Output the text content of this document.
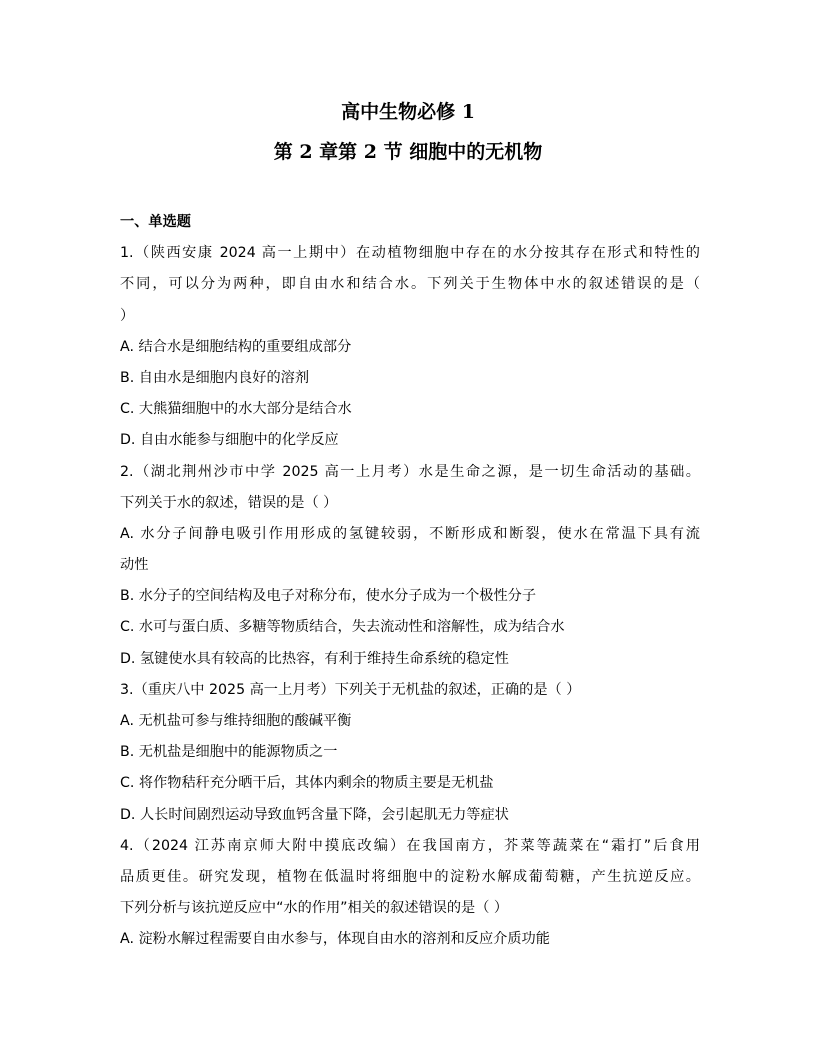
高中生物必修 1
第 2 章第 2 节 细胞中的无机物
一、单选题
1.（陕西安康 2024 高一上期中）在动植物细胞中存在的水分按其存在形式和特性的
不同，可以分为两种，即自由水和结合水。下列关于生物体中水的叙述错误的是（
）
A. 结合水是细胞结构的重要组成部分
B. 自由水是细胞内良好的溶剂
C. 大熊猫细胞中的水大部分是结合水
D. 自由水能参与细胞中的化学反应
2.（湖北荆州沙市中学 2025 高一上月考）水是生命之源，是一切生命活动的基础。
下列关于水的叙述，错误的是（ ）
A. 水分子间静电吸引作用形成的氢键较弱，不断形成和断裂，使水在常温下具有流
动性
B. 水分子的空间结构及电子对称分布，使水分子成为一个极性分子
C. 水可与蛋白质、多糖等物质结合，失去流动性和溶解性，成为结合水
D. 氢键使水具有较高的比热容，有利于维持生命系统的稳定性
3.（重庆八中 2025 高一上月考）下列关于无机盐的叙述，正确的是（ ）
A. 无机盐可参与维持细胞的酸碱平衡
B. 无机盐是细胞中的能源物质之一
C. 将作物秸秆充分晒干后，其体内剩余的物质主要是无机盐
D. 人长时间剧烈运动导致血钙含量下降，会引起肌无力等症状
4.（2024 江苏南京师大附中摸底改编）在我国南方，芥菜等蔬菜在“霜打”后食用
品质更佳。研究发现，植物在低温时将细胞中的淀粉水解成葡萄糖，产生抗逆反应。
下列分析与该抗逆反应中“水的作用”相关的叙述错误的是（ ）
A. 淀粉水解过程需要自由水参与，体现自由水的溶剂和反应介质功能
